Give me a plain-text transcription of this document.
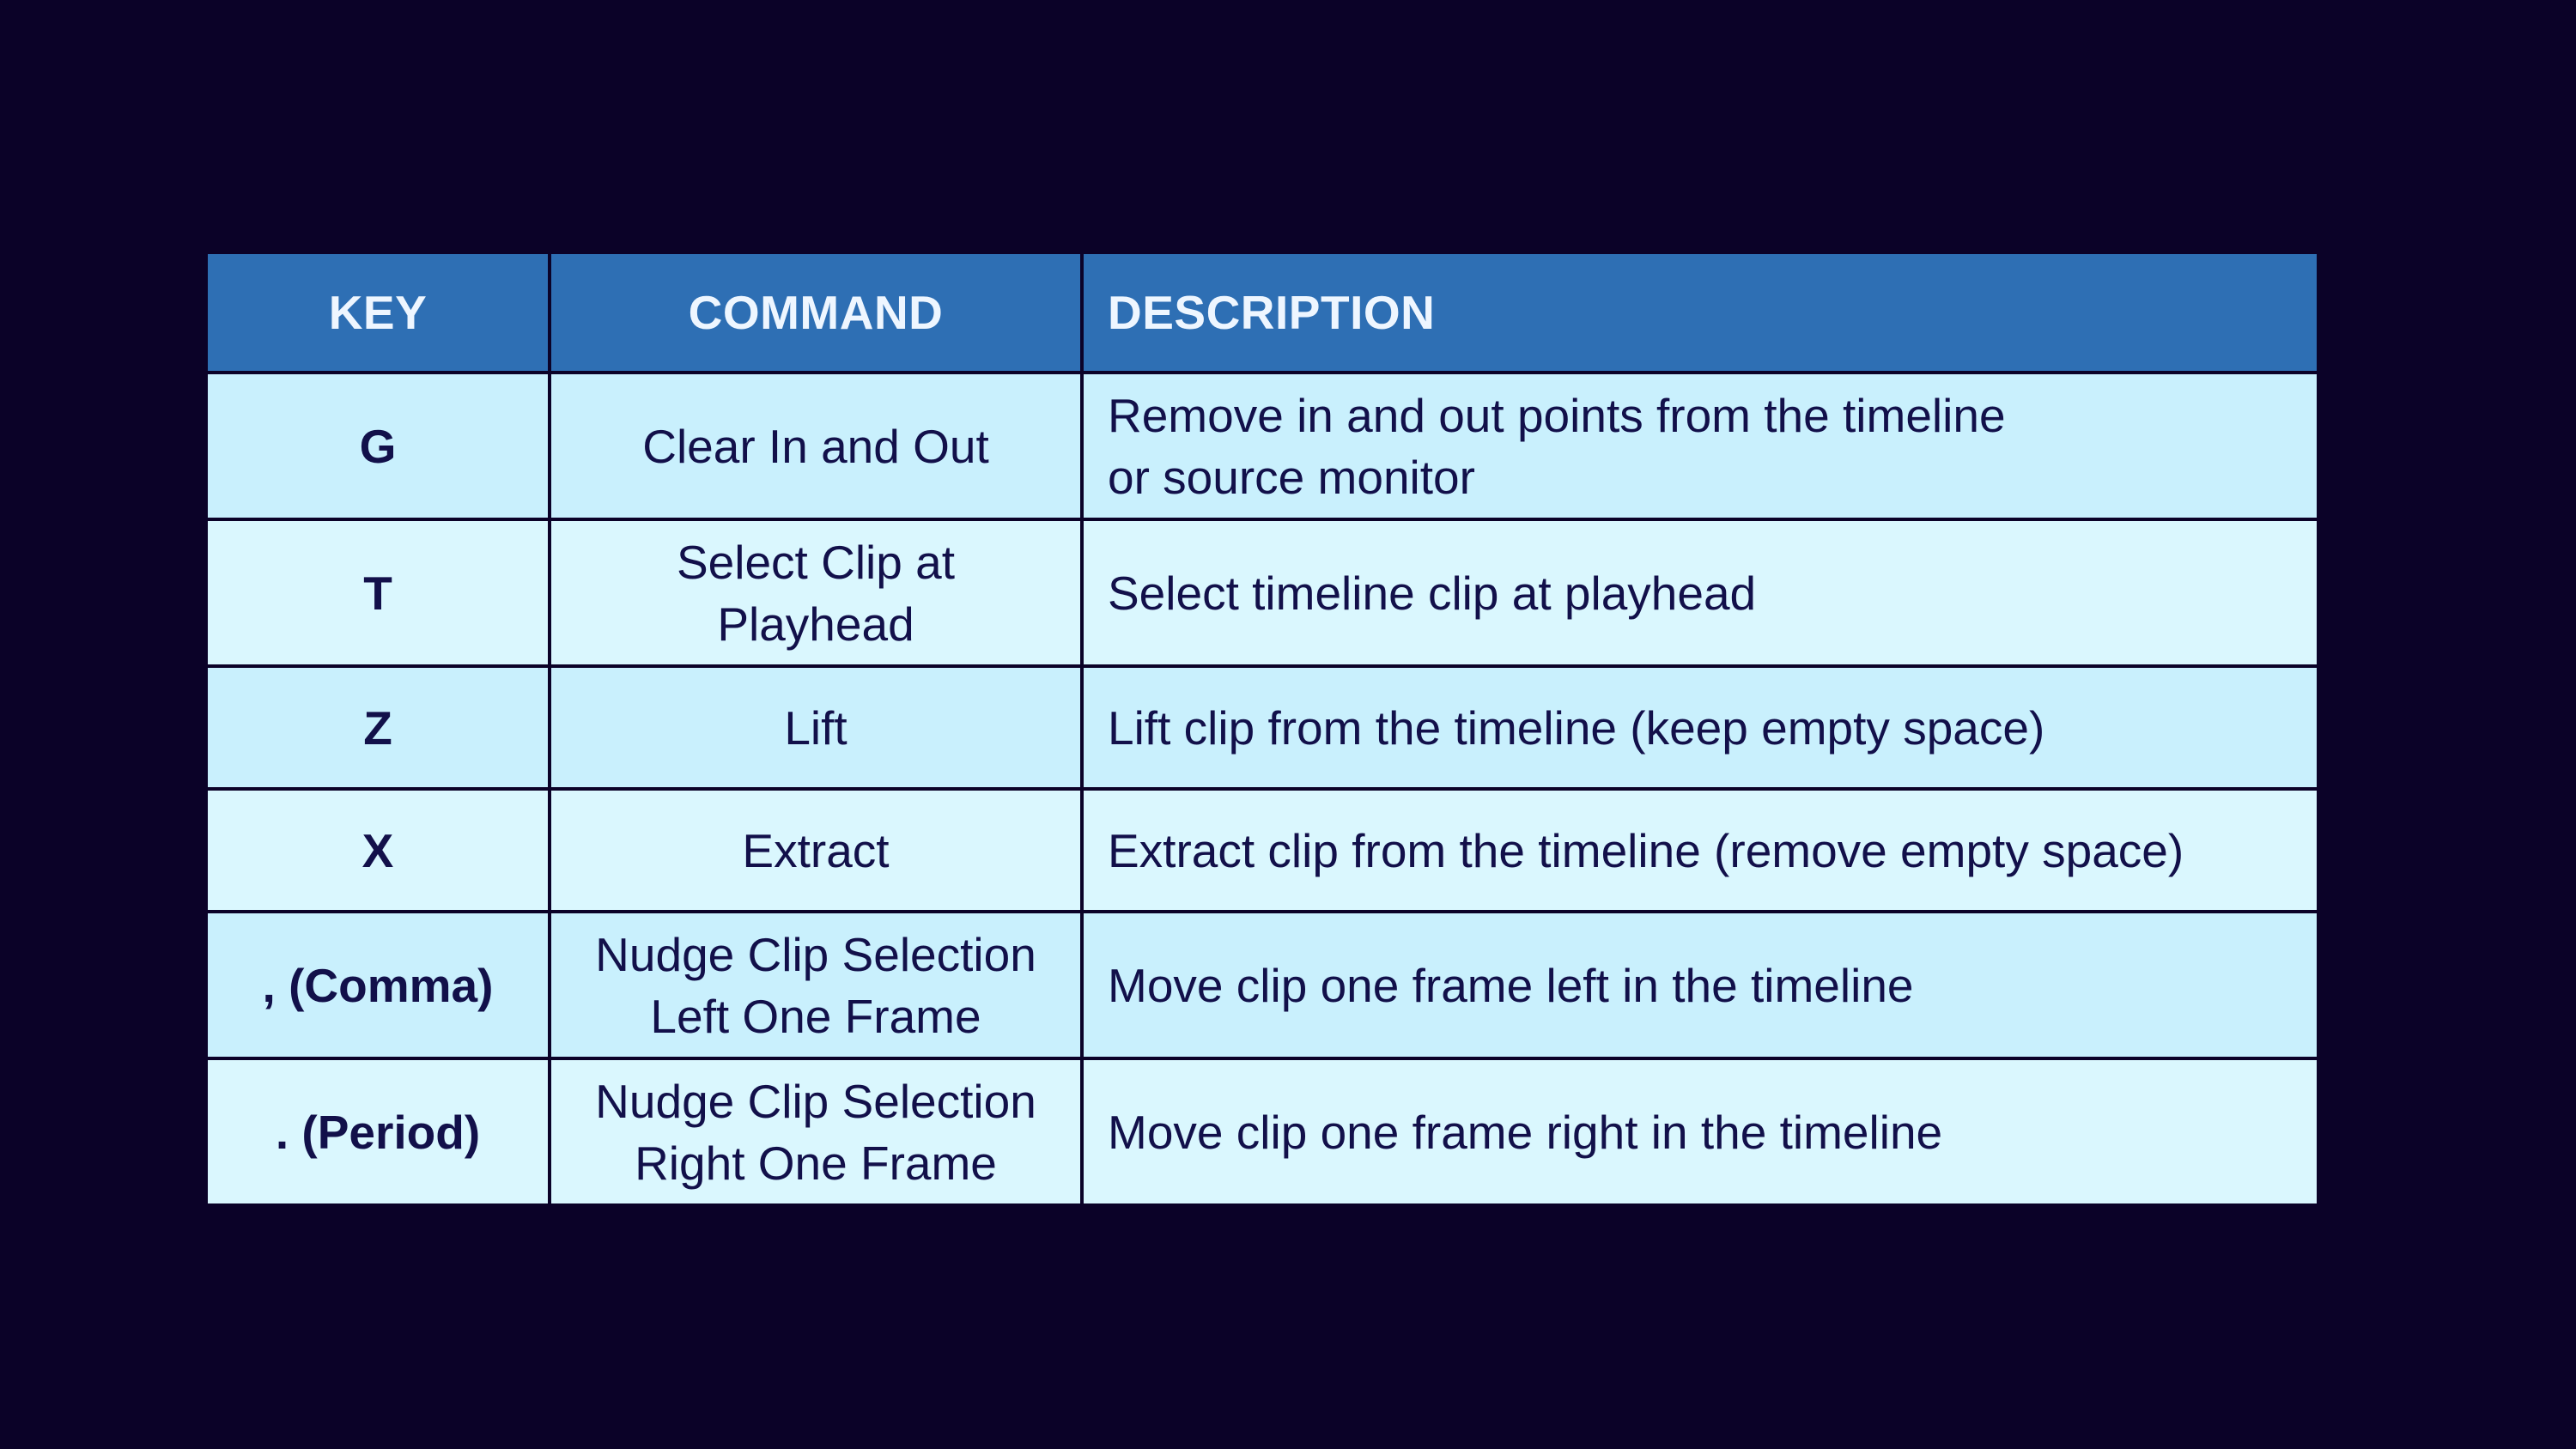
KEY	COMMAND	DESCRIPTION
G	Clear In and Out	Remove in and out points from the timeline
or source monitor

T	Select Clip at
Playhead	Select timeline clip at playhead

Z	Lift	Lift clip from the timeline (keep empty space)

X	Extract	Extract clip from the timeline (remove empty space)

, (Comma)	Nudge Clip Selection
Left One Frame	Move clip one frame left in the timeline

. (Period)	Nudge Clip Selection
Right One Frame	Move clip one frame right in the timeline
